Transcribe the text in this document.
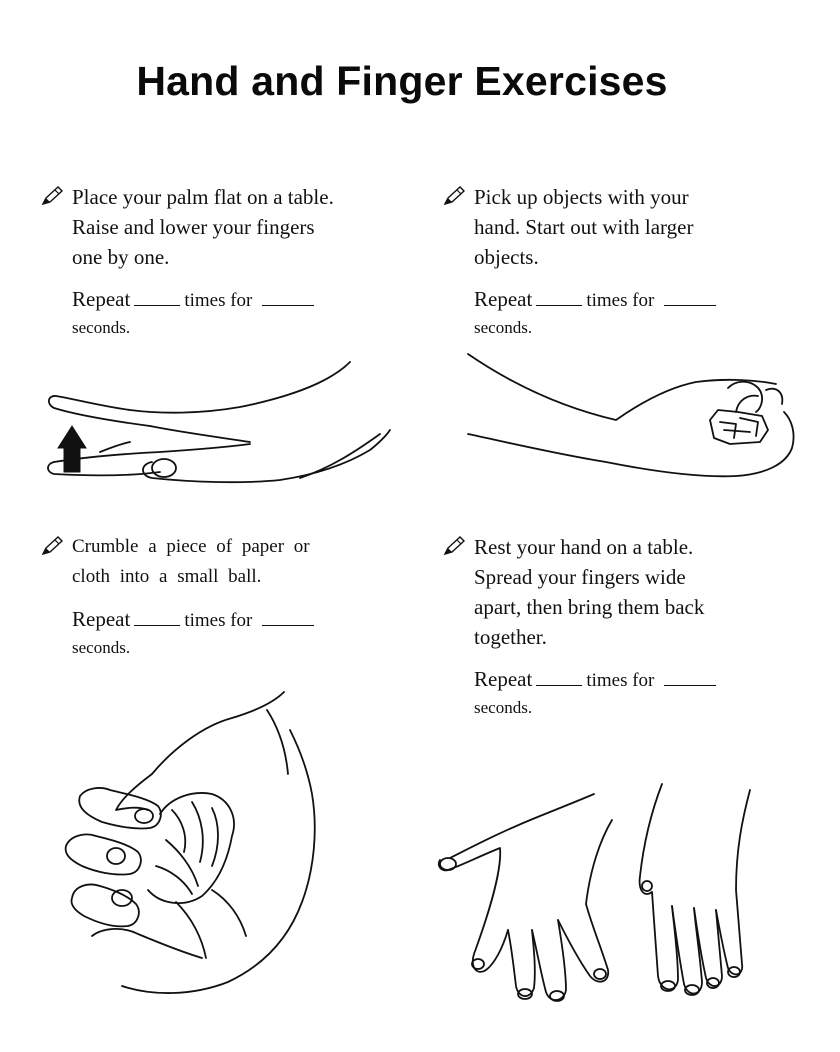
Hand and Finger Exercises
Place your palm flat on a table.
Raise and lower your fingers
one by one.
Repeat	times for
seconds.
Pick up objects with your
hand. Start out with larger
objects.
Repeat	times for
seconds.
Crumble a piece of paper or
cloth into a small ball.
Repeat	times for
seconds.
Rest your hand on a table.
Spread your fingers wide
apart, then bring them back
together.
Repeat	times for
seconds.
